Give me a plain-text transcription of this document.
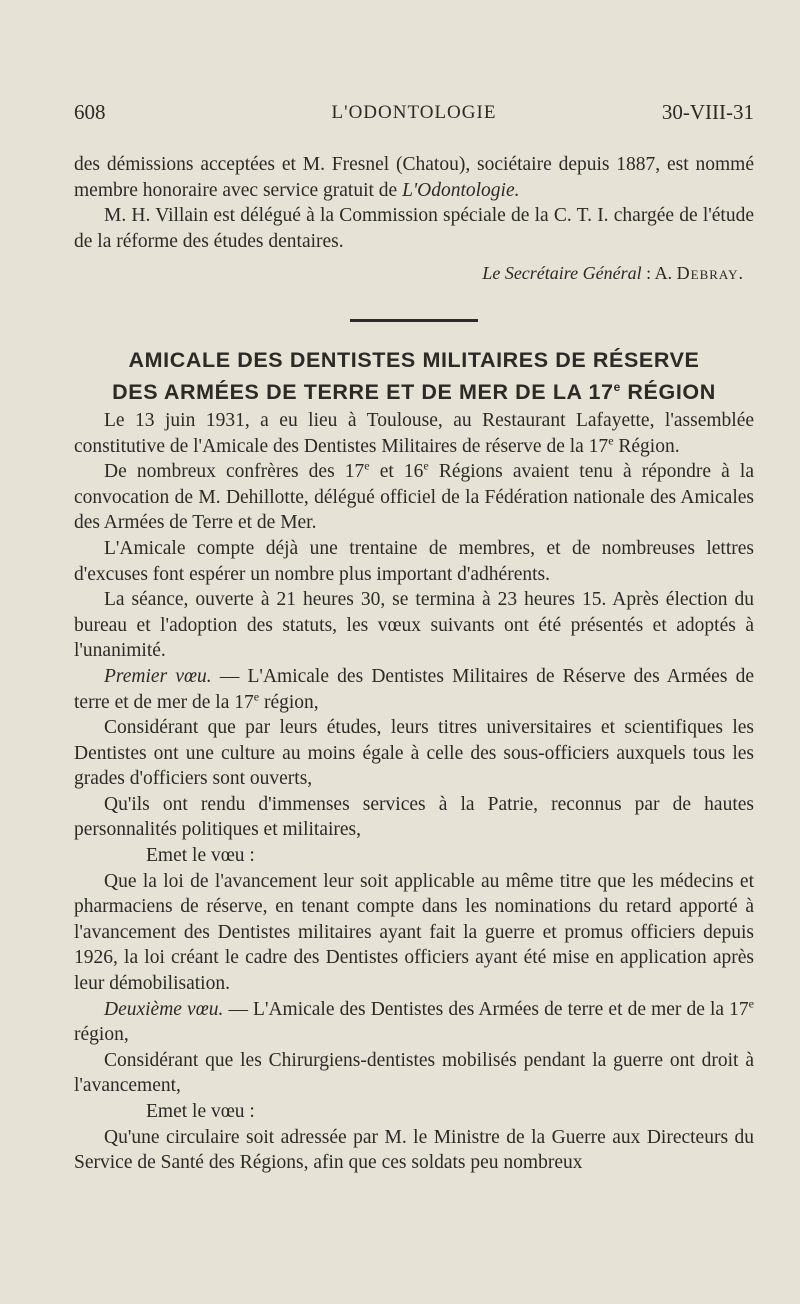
608	L'ODONTOLOGIE	30-VIII-31

des démissions acceptées et M. Fresnel (Chatou), sociétaire depuis 1887, est nommé membre honoraire avec service gratuit de L'Odontologie.

M. H. Villain est délégué à la Commission spéciale de la C. T. I. chargée de l'étude de la réforme des études dentaires.

Le Secrétaire Général : A. Debray.
AMICALE DES DENTISTES MILITAIRES DE RÉSERVE
DES ARMÉES DE TERRE ET DE MER DE LA 17e RÉGION

Le 13 juin 1931, a eu lieu à Toulouse, au Restaurant Lafayette, l'assemblée constitutive de l'Amicale des Dentistes Militaires de réserve de la 17e Région.

De nombreux confrères des 17e et 16e Régions avaient tenu à répondre à la convocation de M. Dehillotte, délégué officiel de la Fédération nationale des Amicales des Armées de Terre et de Mer.

L'Amicale compte déjà une trentaine de membres, et de nombreuses lettres d'excuses font espérer un nombre plus important d'adhérents.

La séance, ouverte à 21 heures 30, se termina à 23 heures 15. Après élection du bureau et l'adoption des statuts, les vœux suivants ont été présentés et adoptés à l'unanimité.

Premier vœu. — L'Amicale des Dentistes Militaires de Réserve des Armées de terre et de mer de la 17e région,

Considérant que par leurs études, leurs titres universitaires et scientifiques les Dentistes ont une culture au moins égale à celle des sous-officiers auxquels tous les grades d'officiers sont ouverts,

Qu'ils ont rendu d'immenses services à la Patrie, reconnus par de hautes personnalités politiques et militaires,

Emet le vœu :

Que la loi de l'avancement leur soit applicable au même titre que les médecins et pharmaciens de réserve, en tenant compte dans les nominations du retard apporté à l'avancement des Dentistes militaires ayant fait la guerre et promus officiers depuis 1926, la loi créant le cadre des Dentistes officiers ayant été mise en application après leur démobilisation.

Deuxième vœu. — L'Amicale des Dentistes des Armées de terre et de mer de la 17e région,

Considérant que les Chirurgiens-dentistes mobilisés pendant la guerre ont droit à l'avancement,

Emet le vœu :

Qu'une circulaire soit adressée par M. le Ministre de la Guerre aux Directeurs du Service de Santé des Régions, afin que ces soldats peu nombreux
